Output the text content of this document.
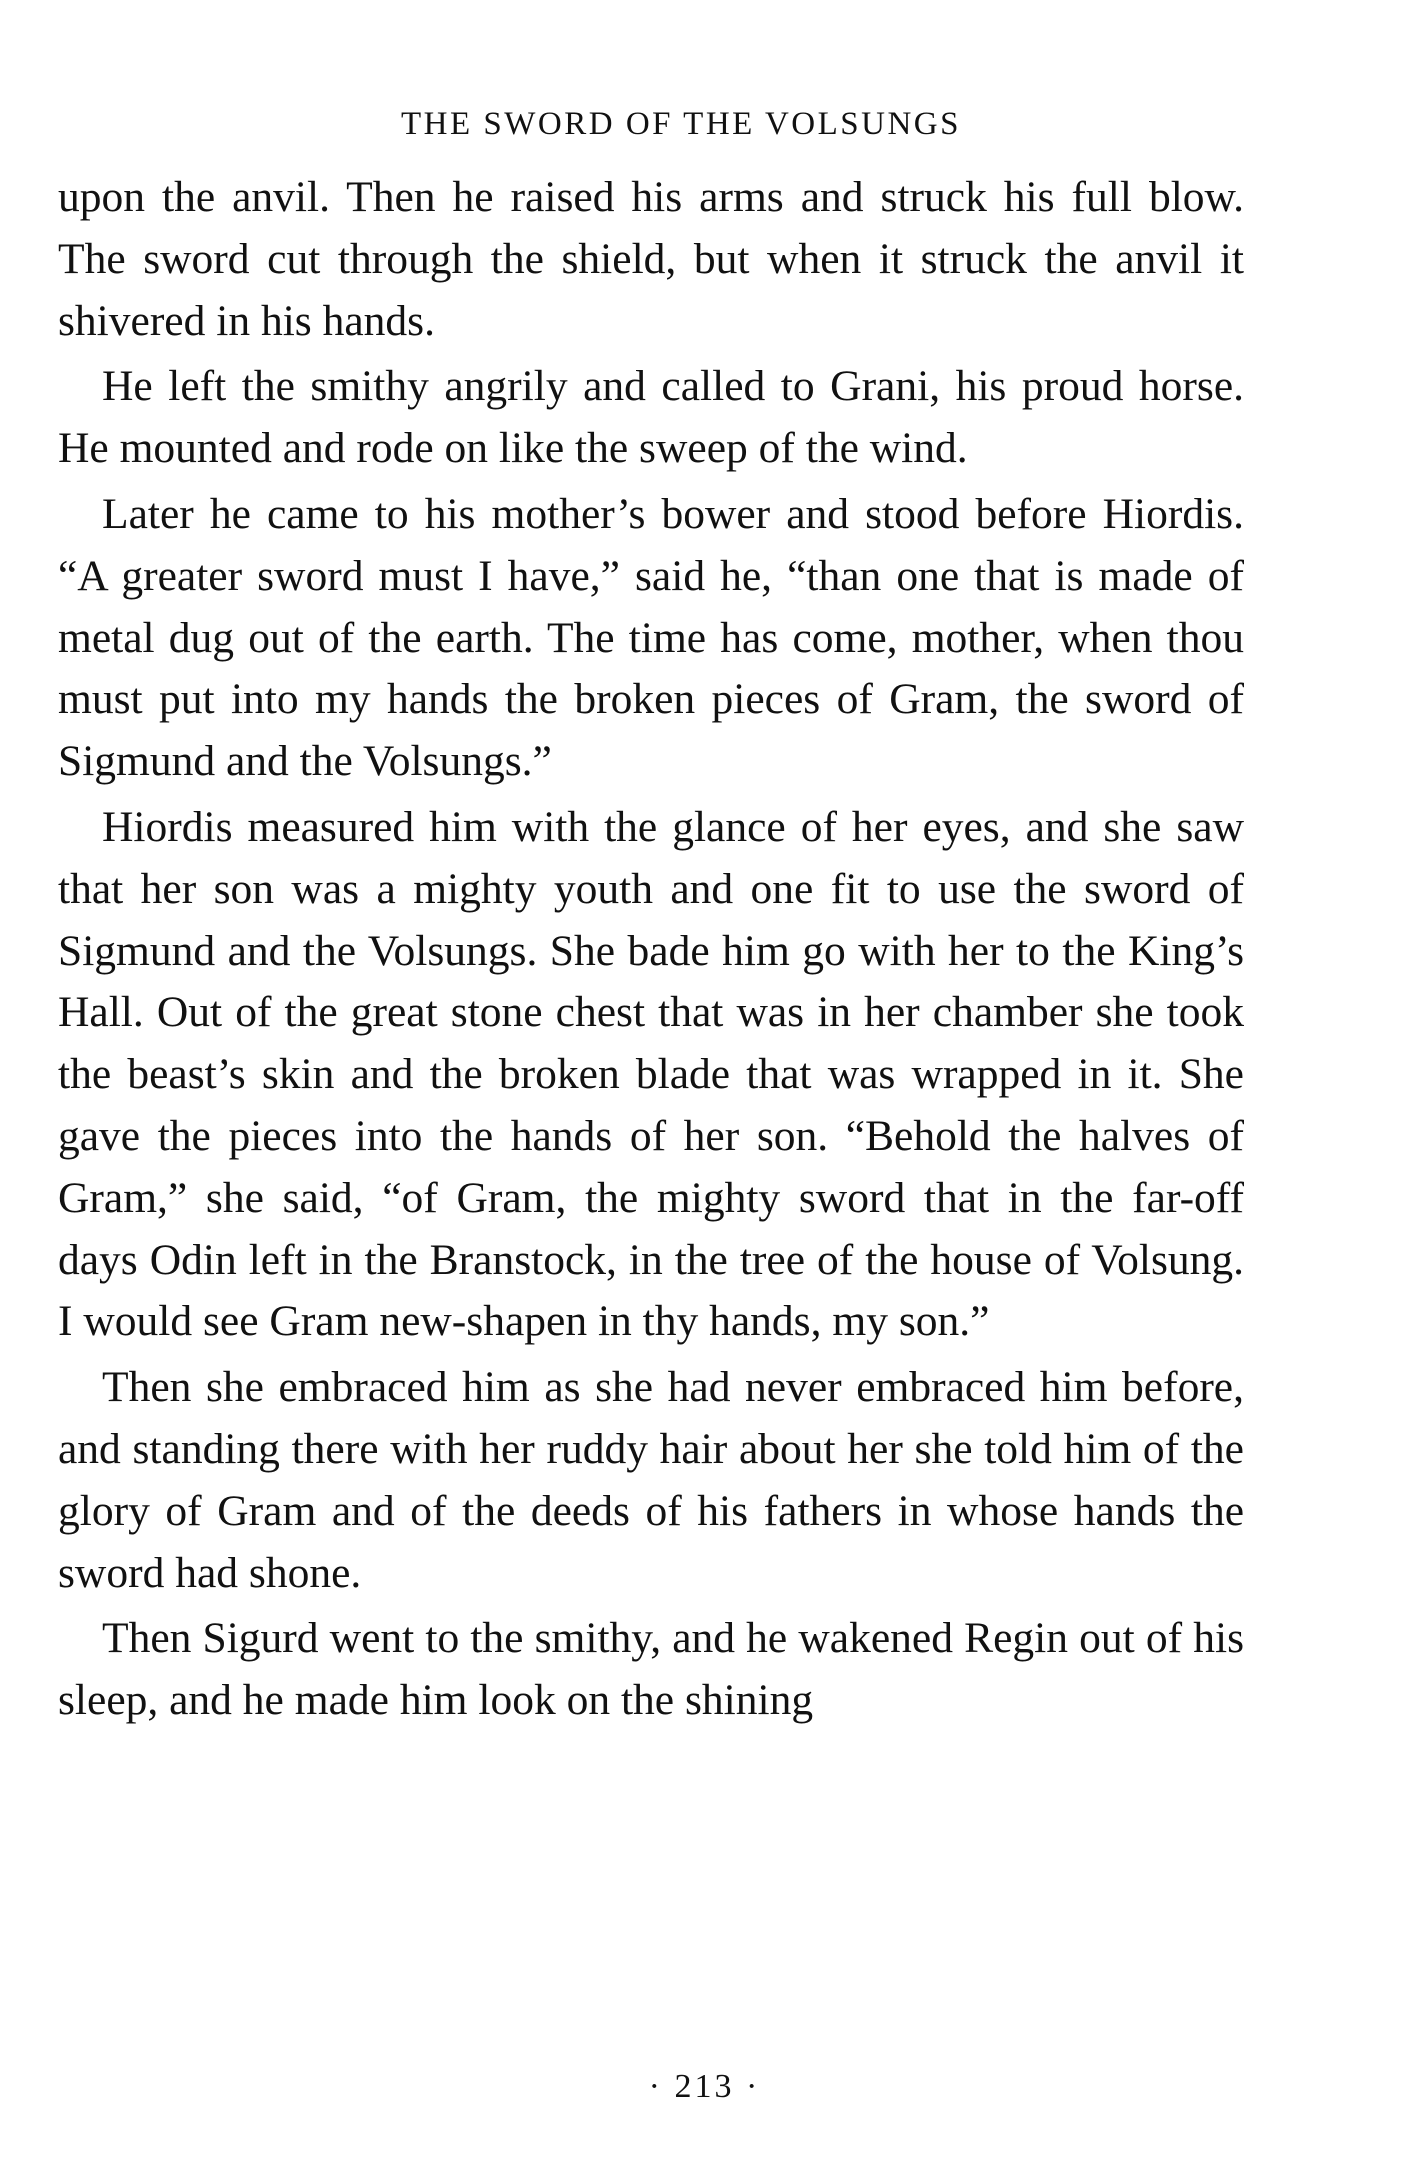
THE SWORD OF THE VOLSUNGS

upon the anvil. Then he raised his arms and struck his full blow. The sword cut through the shield, but when it struck the anvil it shivered in his hands.

He left the smithy angrily and called to Grani, his proud horse. He mounted and rode on like the sweep of the wind.

Later he came to his mother’s bower and stood before Hiordis. “A greater sword must I have,” said he, “than one that is made of metal dug out of the earth. The time has come, mother, when thou must put into my hands the broken pieces of Gram, the sword of Sigmund and the Volsungs.”

Hiordis measured him with the glance of her eyes, and she saw that her son was a mighty youth and one fit to use the sword of Sigmund and the Volsungs. She bade him go with her to the King’s Hall. Out of the great stone chest that was in her chamber she took the beast’s skin and the broken blade that was wrapped in it. She gave the pieces into the hands of her son. “Behold the halves of Gram,” she said, “of Gram, the mighty sword that in the far-off days Odin left in the Branstock, in the tree of the house of Volsung. I would see Gram new-shapen in thy hands, my son.”

Then she embraced him as she had never embraced him before, and standing there with her ruddy hair about her she told him of the glory of Gram and of the deeds of his fathers in whose hands the sword had shone.

Then Sigurd went to the smithy, and he wakened Regin out of his sleep, and he made him look on the shining

· 213 ·
